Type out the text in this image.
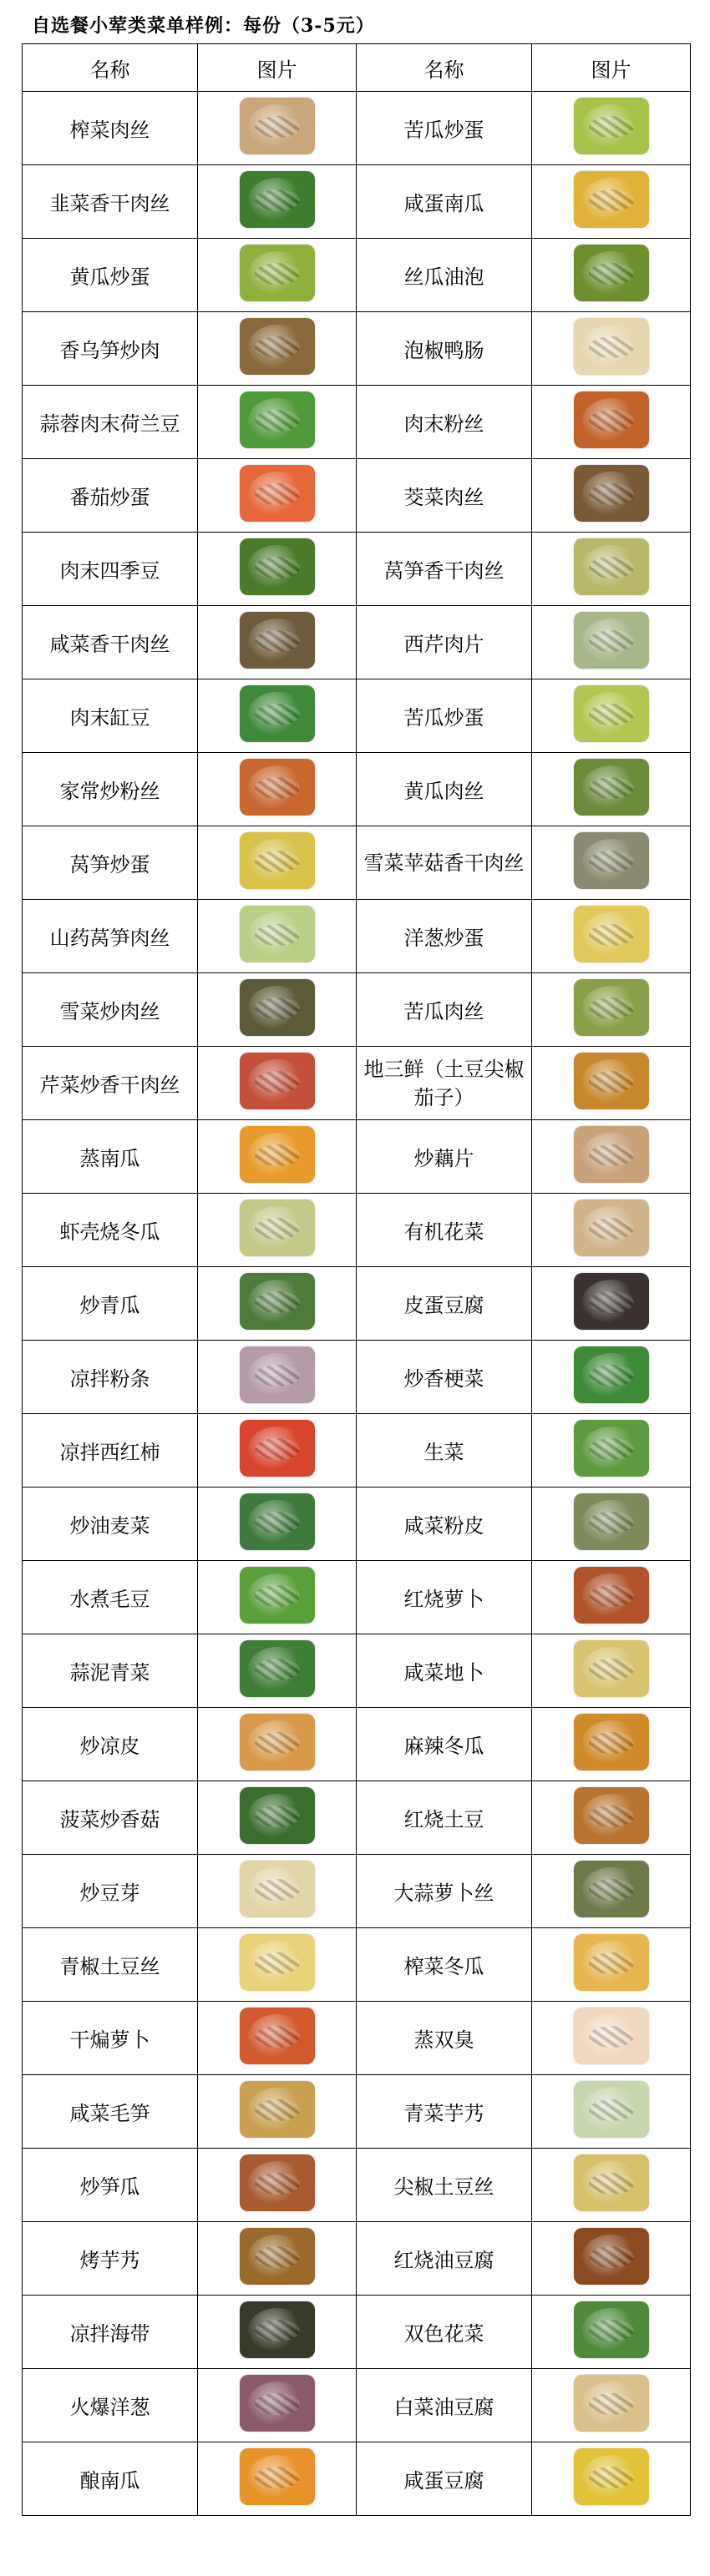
自选餐小荤类菜单样例：每份（3-5元）
名称	图片	名称	图片
榨菜肉丝		苦瓜炒蛋	
韭菜香干肉丝		咸蛋南瓜	
黄瓜炒蛋		丝瓜油泡	
香乌笋炒肉		泡椒鸭肠	
蒜蓉肉末荷兰豆		肉末粉丝	
番茄炒蛋		茭菜肉丝	
肉末四季豆		莴笋香干肉丝	
咸菜香干肉丝		西芹肉片	
肉末缸豆		苦瓜炒蛋	
家常炒粉丝		黄瓜肉丝	
莴笋炒蛋		雪菜苹菇香干肉丝	
山药莴笋肉丝		洋葱炒蛋	
雪菜炒肉丝		苦瓜肉丝	
芹菜炒香干肉丝		地三鲜（土豆尖椒茄子）	
蒸南瓜		炒藕片	
虾壳烧冬瓜		有机花菜	
炒青瓜		皮蛋豆腐	
凉拌粉条		炒香梗菜	
凉拌西红柿		生菜	
炒油麦菜		咸菜粉皮	
水煮毛豆		红烧萝卜	
蒜泥青菜		咸菜地卜	
炒凉皮		麻辣冬瓜	
菠菜炒香菇		红烧土豆	
炒豆芽		大蒜萝卜丝	
青椒土豆丝		榨菜冬瓜	
干煸萝卜		蒸双臭	
咸菜毛笋		青菜芋艿	
炒笋瓜		尖椒土豆丝	
烤芋艿		红烧油豆腐	
凉拌海带		双色花菜	
火爆洋葱		白菜油豆腐	
酿南瓜		咸蛋豆腐	
